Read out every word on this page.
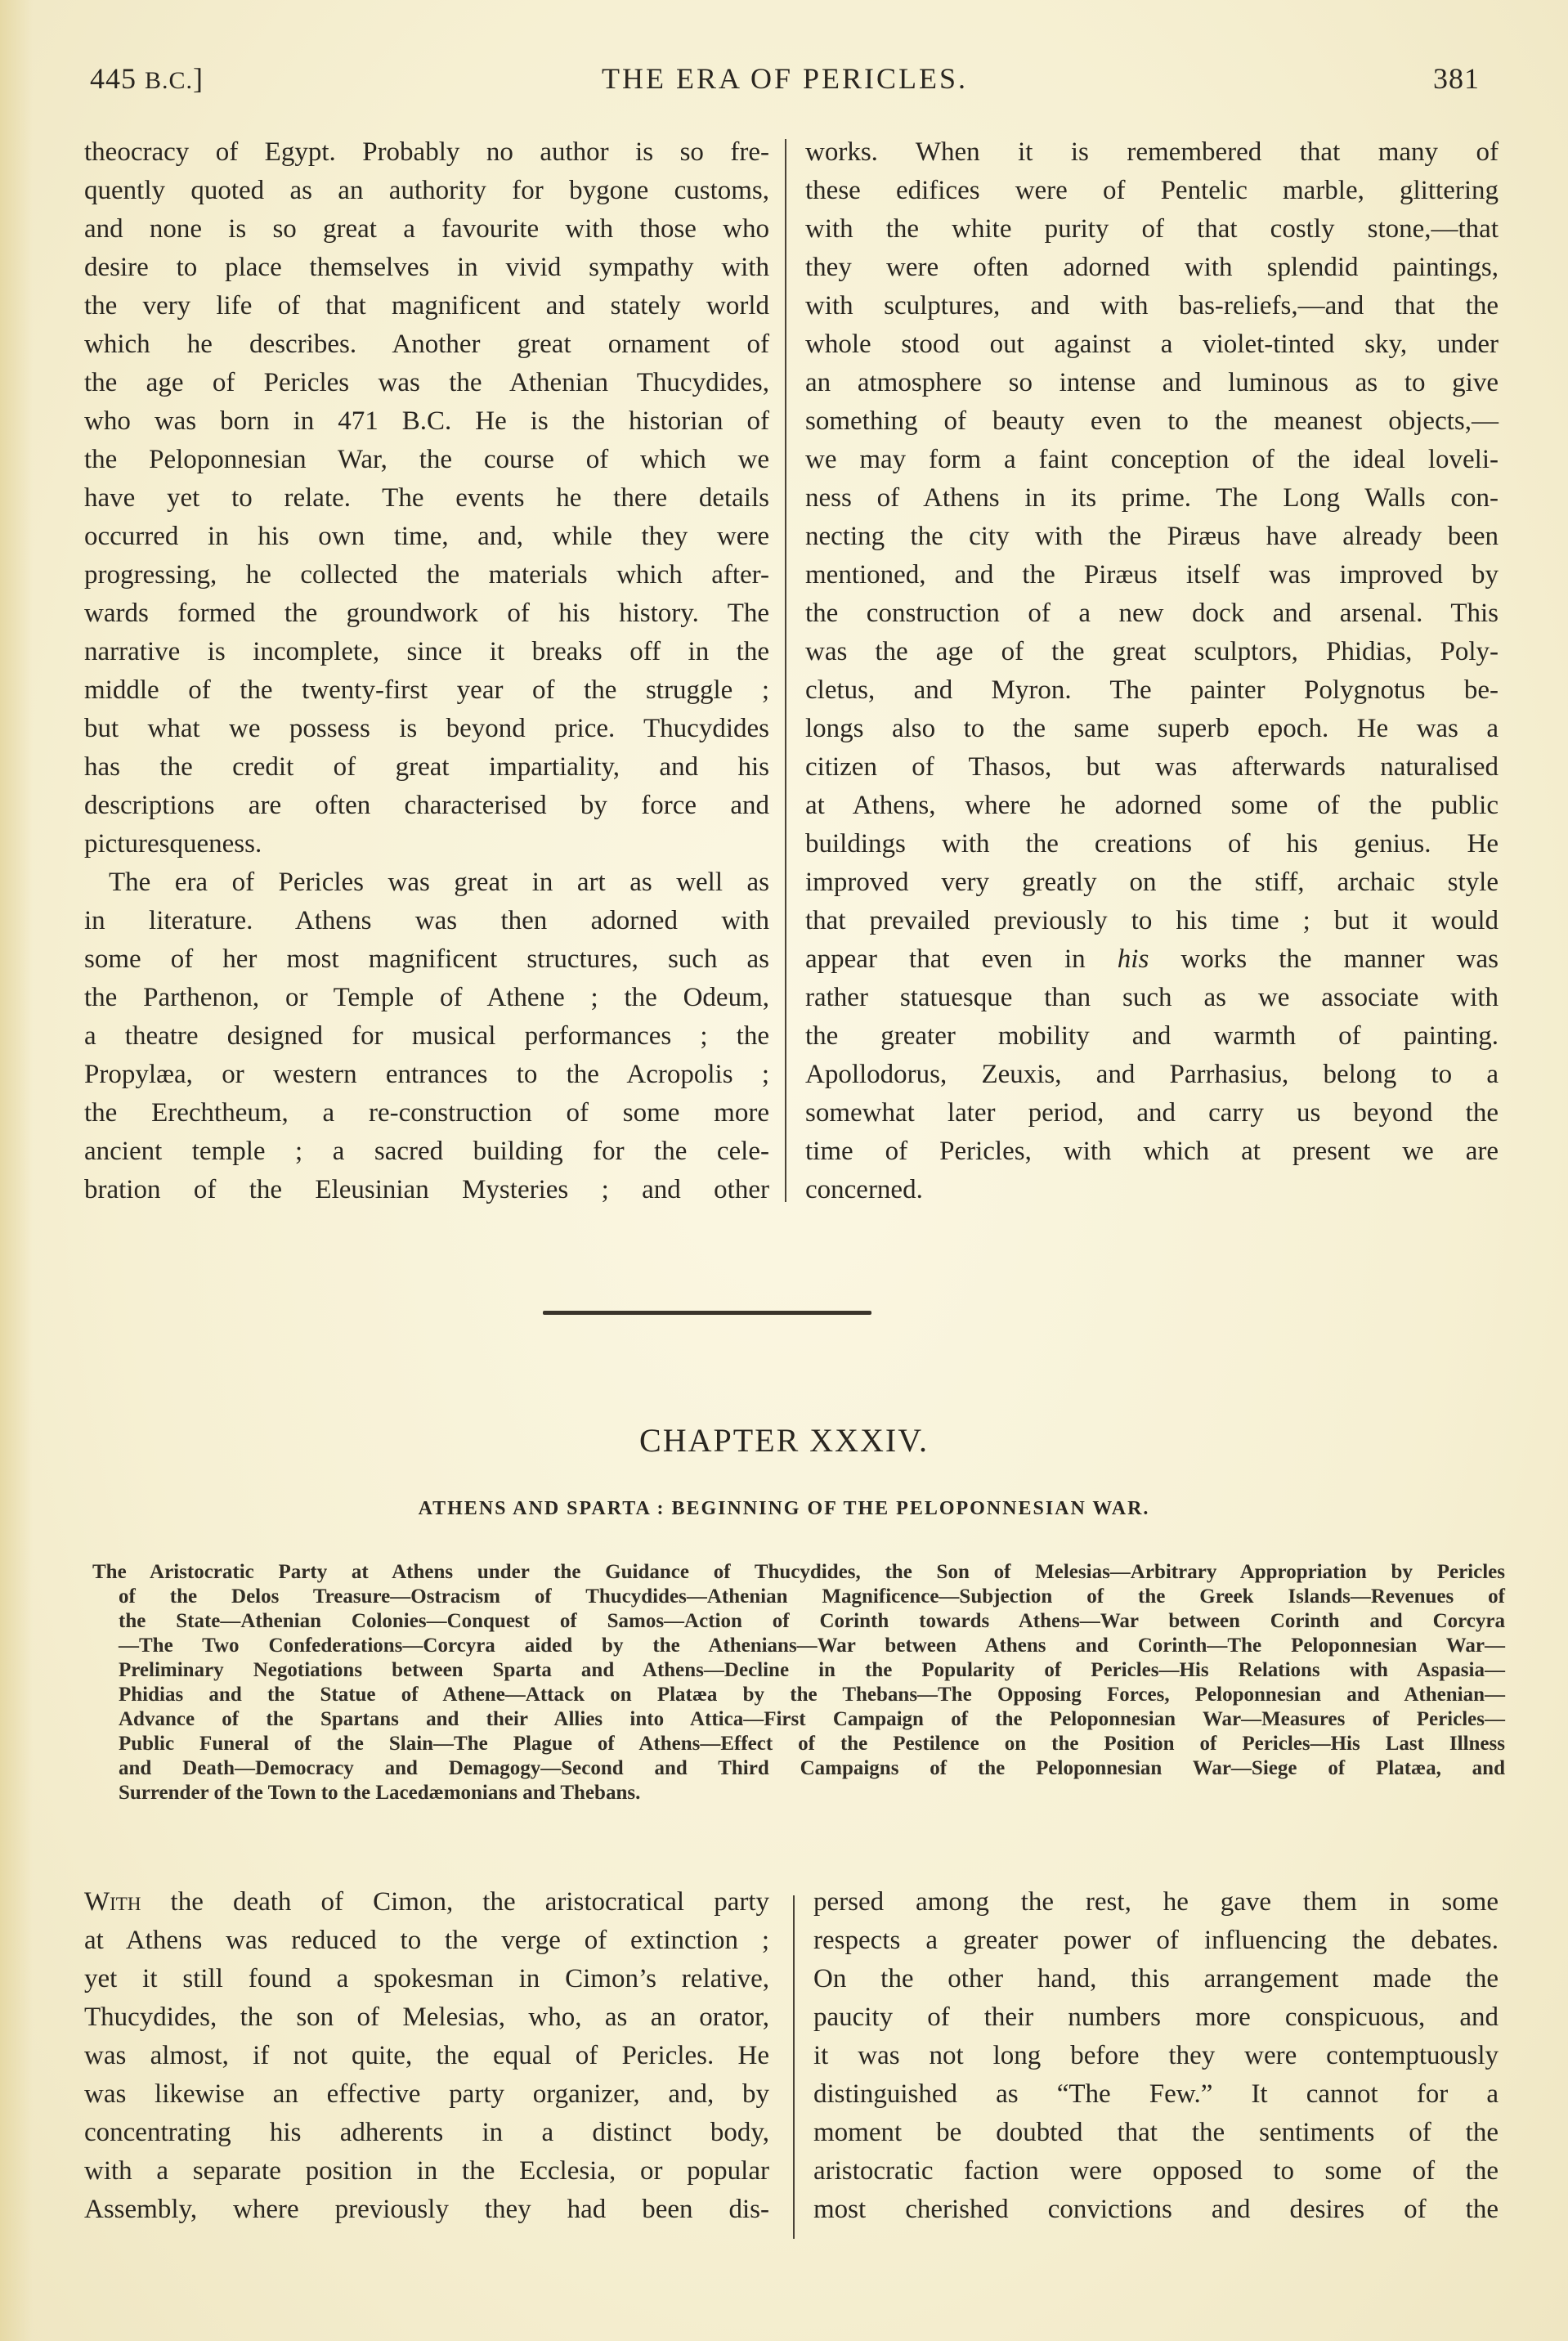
445 B.C.]	THE ERA OF PERICLES.	381
theocracy of Egypt. Probably no author is so fre-
quently quoted as an authority for bygone customs,
and none is so great a favourite with those who
desire to place themselves in vivid sympathy with
the very life of that magnificent and stately world
which he describes. Another great ornament of
the age of Pericles was the Athenian Thucydides,
who was born in 471 B.C. He is the historian of
the Peloponnesian War, the course of which we
have yet to relate. The events he there details
occurred in his own time, and, while they were
progressing, he collected the materials which after-
wards formed the groundwork of his history. The
narrative is incomplete, since it breaks off in the
middle of the twenty-first year of the struggle ;
but what we possess is beyond price. Thucydides
has the credit of great impartiality, and his
descriptions are often characterised by force and
picturesqueness.
The era of Pericles was great in art as well as
in literature. Athens was then adorned with
some of her most magnificent structures, such as
the Parthenon, or Temple of Athene ; the Odeum,
a theatre designed for musical performances ; the
Propylæa, or western entrances to the Acropolis ;
the Erechtheum, a re-construction of some more
ancient temple ; a sacred building for the cele-
bration of the Eleusinian Mysteries ; and other
works. When it is remembered that many of
these edifices were of Pentelic marble, glittering
with the white purity of that costly stone,—that
they were often adorned with splendid paintings,
with sculptures, and with bas-reliefs,—and that the
whole stood out against a violet-tinted sky, under
an atmosphere so intense and luminous as to give
something of beauty even to the meanest objects,—
we may form a faint conception of the ideal loveli-
ness of Athens in its prime. The Long Walls con-
necting the city with the Piræus have already been
mentioned, and the Piræus itself was improved by
the construction of a new dock and arsenal. This
was the age of the great sculptors, Phidias, Poly-
cletus, and Myron. The painter Polygnotus be-
longs also to the same superb epoch. He was a
citizen of Thasos, but was afterwards naturalised
at Athens, where he adorned some of the public
buildings with the creations of his genius. He
improved very greatly on the stiff, archaic style
that prevailed previously to his time ; but it would
appear that even in his works the manner was
rather statuesque than such as we associate with
the greater mobility and warmth of painting.
Apollodorus, Zeuxis, and Parrhasius, belong to a
somewhat later period, and carry us beyond the
time of Pericles, with which at present we are
concerned.
CHAPTER XXXIV.
ATHENS AND SPARTA : BEGINNING OF THE PELOPONNESIAN WAR.
The Aristocratic Party at Athens under the Guidance of Thucydides, the Son of Melesias—Arbitrary Appropriation by Pericles
of the Delos Treasure—Ostracism of Thucydides—Athenian Magnificence—Subjection of the Greek Islands—Revenues of
the State—Athenian Colonies—Conquest of Samos—Action of Corinth towards Athens—War between Corinth and Corcyra
—The Two Confederations—Corcyra aided by the Athenians—War between Athens and Corinth—The Peloponnesian War—
Preliminary Negotiations between Sparta and Athens—Decline in the Popularity of Pericles—His Relations with Aspasia—
Phidias and the Statue of Athene—Attack on Platæa by the Thebans—The Opposing Forces, Peloponnesian and Athenian—
Advance of the Spartans and their Allies into Attica—First Campaign of the Peloponnesian War—Measures of Pericles—
Public Funeral of the Slain—The Plague of Athens—Effect of the Pestilence on the Position of Pericles—His Last Illness
and Death—Democracy and Demagogy—Second and Third Campaigns of the Peloponnesian War—Siege of Platæa, and
Surrender of the Town to the Lacedæmonians and Thebans.
With the death of Cimon, the aristocratical party
at Athens was reduced to the verge of extinction ;
yet it still found a spokesman in Cimon’s relative,
Thucydides, the son of Melesias, who, as an orator,
was almost, if not quite, the equal of Pericles. He
was likewise an effective party organizer, and, by
concentrating his adherents in a distinct body,
with a separate position in the Ecclesia, or popular
Assembly, where previously they had been dis-
persed among the rest, he gave them in some
respects a greater power of influencing the debates.
On the other hand, this arrangement made the
paucity of their numbers more conspicuous, and
it was not long before they were contemptuously
distinguished as “The Few.” It cannot for a
moment be doubted that the sentiments of the
aristocratic faction were opposed to some of the
most cherished convictions and desires of the
